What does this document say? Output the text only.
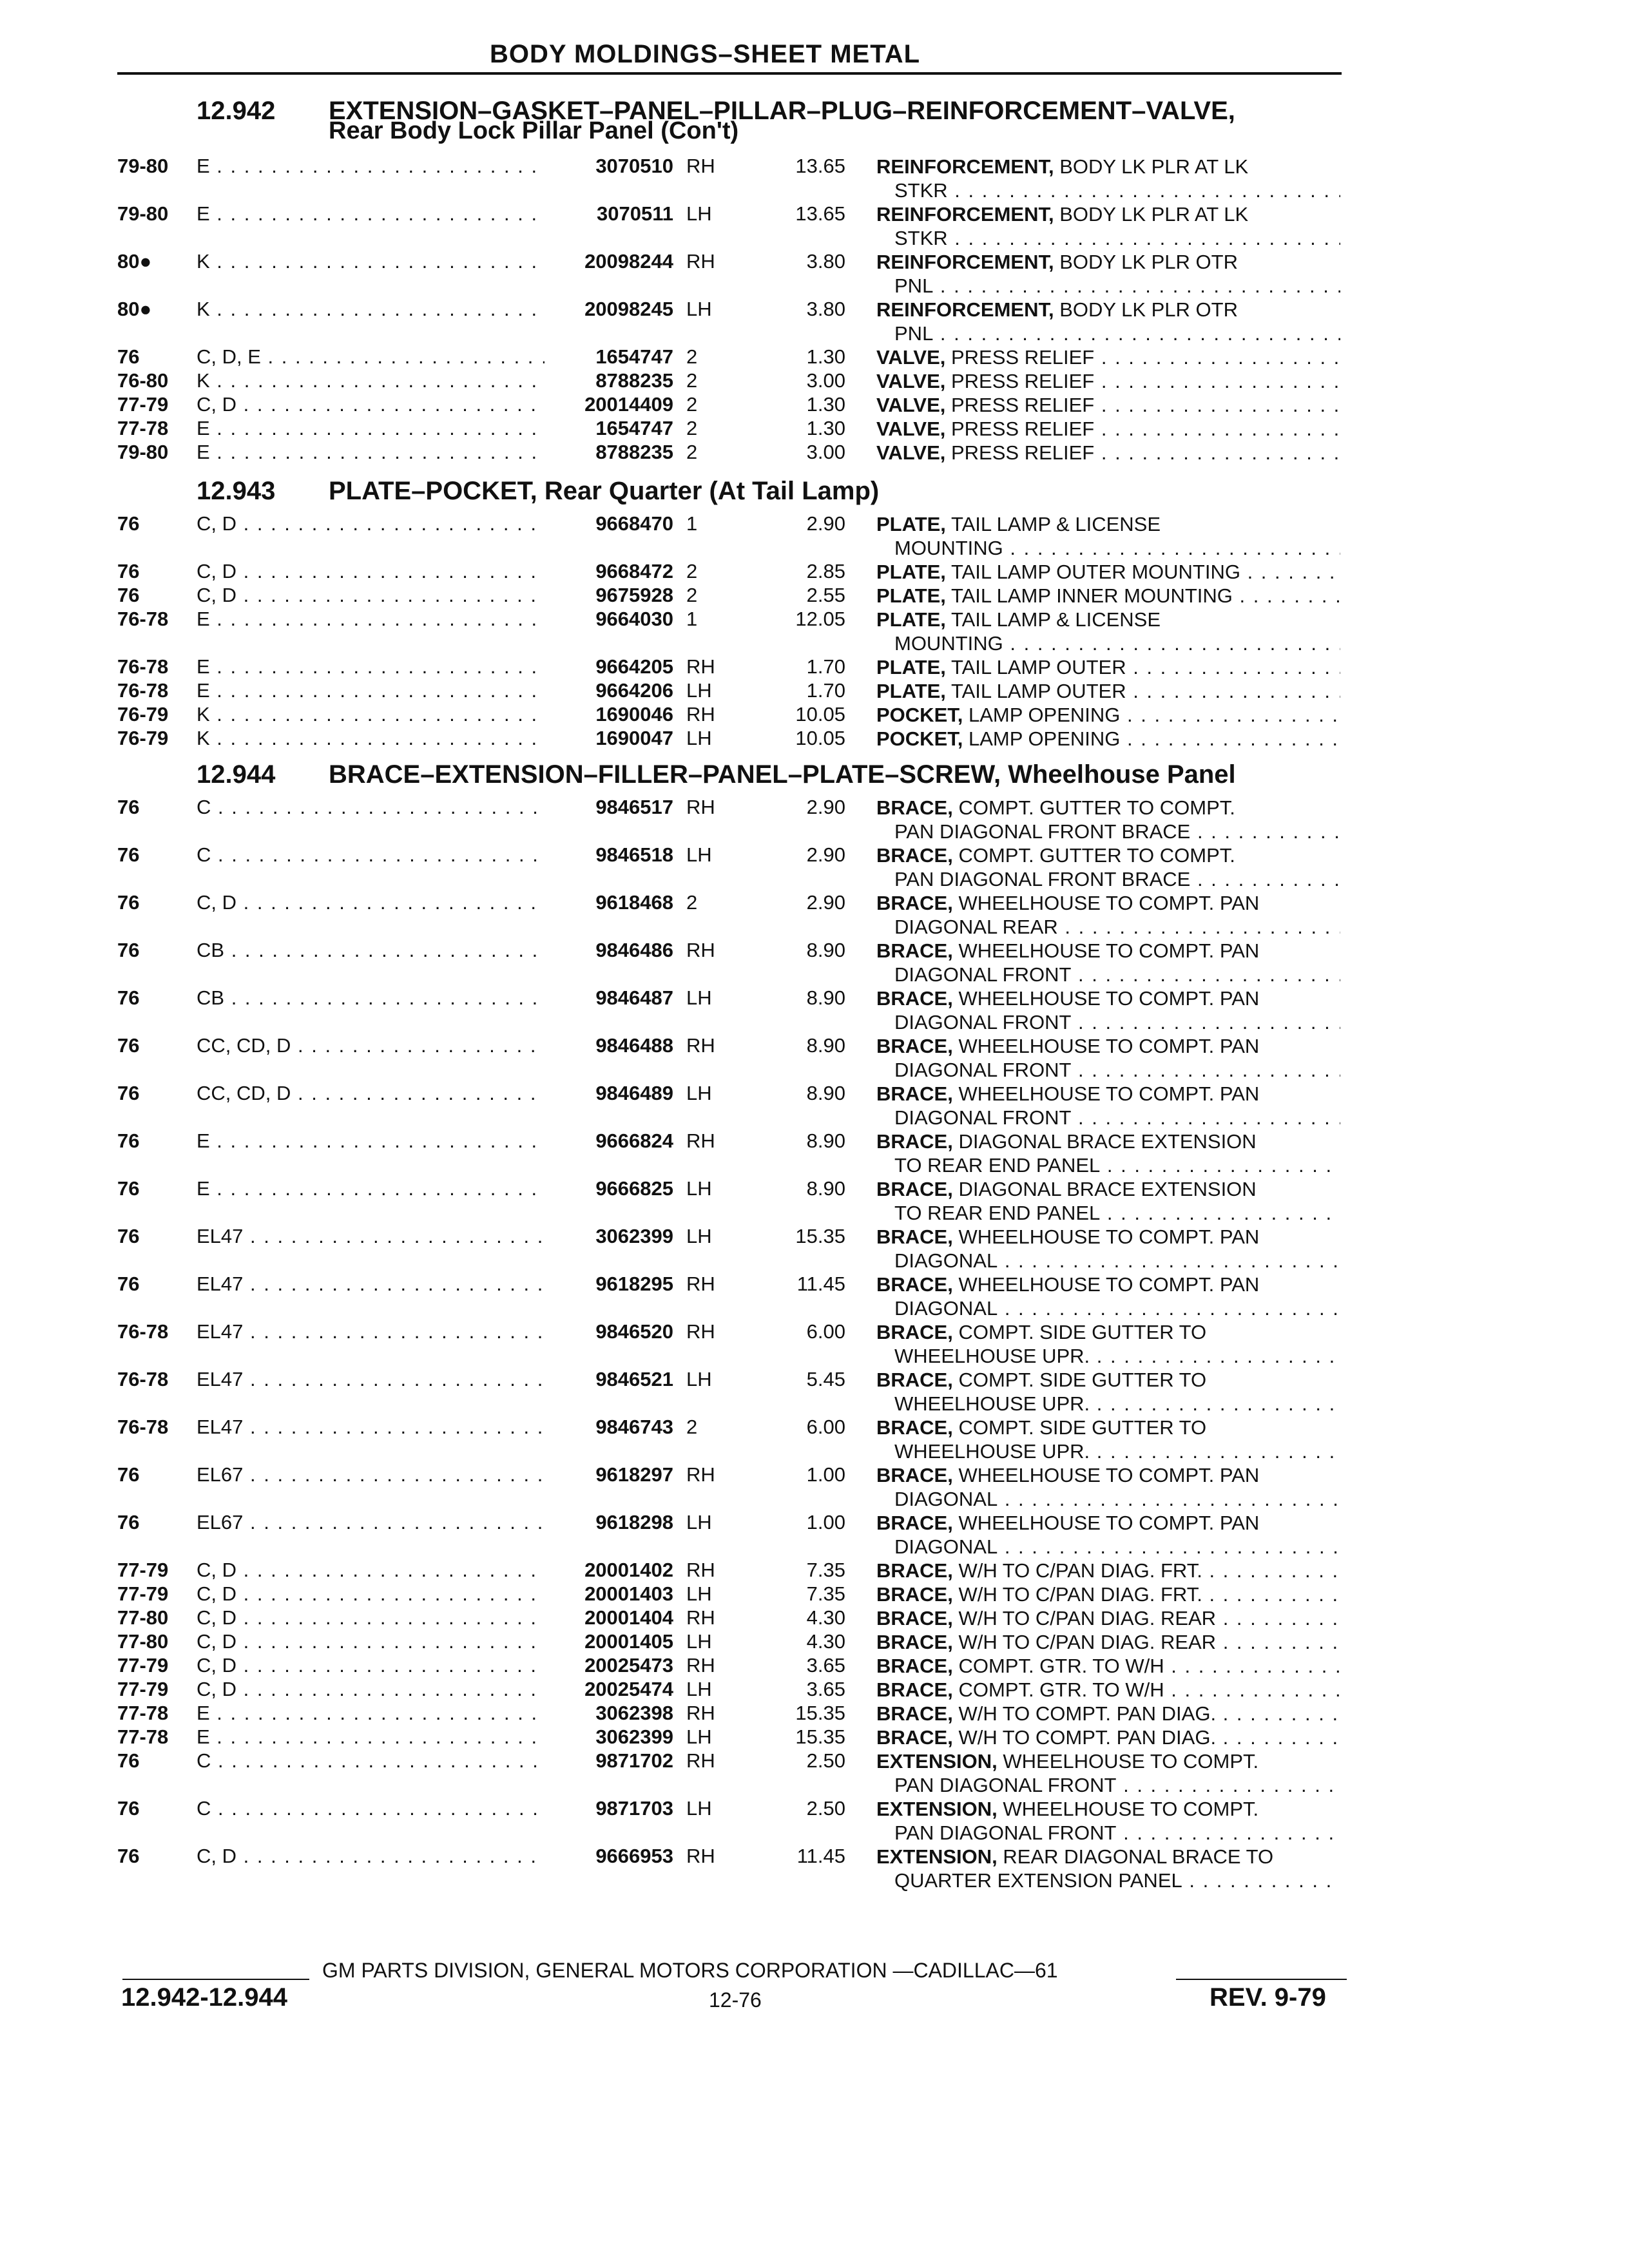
BODY MOLDINGS–SHEET METAL
12.942 EXTENSION–GASKET–PANEL–PILLAR–PLUG–REINFORCEMENT–VALVE,
Rear Body Lock Pillar Panel (Con't)
79-80 E . . .	3070510 RH	13.65 REINFORCEMENT, BODY LK PLR AT LK
STKR . . .
79-80 E . . .	3070511 LH	13.65 REINFORCEMENT, BODY LK PLR AT LK
STKR . . .
80● K . . .	20098244 RH	3.80 REINFORCEMENT, BODY LK PLR OTR
PNL . . .
80● K . . .	20098245 LH	3.80 REINFORCEMENT, BODY LK PLR OTR
PNL . . .
76	C, D, E . . .	1654747 2	1.30 VALVE, PRESS RELIEF . . .
76-80 K . . .	8788235 2	3.00 VALVE, PRESS RELIEF . . .
77-79 C, D . . .	20014409 2	1.30 VALVE, PRESS RELIEF . . .
77-78 E . . .	1654747 2	1.30 VALVE, PRESS RELIEF . . .
79-80 E . . .	8788235 2	3.00 VALVE, PRESS RELIEF . . .
12.943 PLATE–POCKET, Rear Quarter (At Tail Lamp)
76	C, D . . .	9668470 1	2.90 PLATE, TAIL LAMP & LICENSE
MOUNTING . . .
76	C, D . . .	9668472 2	2.85 PLATE, TAIL LAMP OUTER MOUNTING . . .
76	C, D . . .	9675928 2	2.55 PLATE, TAIL LAMP INNER MOUNTING . . .
76-78 E . . .	9664030 1	12.05 PLATE, TAIL LAMP & LICENSE
MOUNTING . . .
76-78 E . . .	9664205 RH	1.70 PLATE, TAIL LAMP OUTER . . .
76-78 E . . .	9664206 LH	1.70 PLATE, TAIL LAMP OUTER . . .
76-79 K . . .	1690046 RH	10.05 POCKET, LAMP OPENING . . .
76-79 K . . .	1690047 LH	10.05 POCKET, LAMP OPENING . . .
12.944 BRACE–EXTENSION–FILLER–PANEL–PLATE–SCREW, Wheelhouse Panel
76	C . . .	9846517 RH	2.90 BRACE, COMPT. GUTTER TO COMPT.
PAN DIAGONAL FRONT BRACE . . .
76	C . . .	9846518 LH	2.90 BRACE, COMPT. GUTTER TO COMPT.
PAN DIAGONAL FRONT BRACE . . .
76	C, D . . .	9618468 2	2.90 BRACE, WHEELHOUSE TO COMPT. PAN
DIAGONAL REAR . . .
76	CB . . .	9846486 RH	8.90 BRACE, WHEELHOUSE TO COMPT. PAN
DIAGONAL FRONT . . .
76	CB . . .	9846487 LH	8.90 BRACE, WHEELHOUSE TO COMPT. PAN
DIAGONAL FRONT . . .
76	CC, CD, D . . .	9846488 RH	8.90 BRACE, WHEELHOUSE TO COMPT. PAN
DIAGONAL FRONT . . .
76	CC, CD, D . . .	9846489 LH	8.90 BRACE, WHEELHOUSE TO COMPT. PAN
DIAGONAL FRONT . . .
76	E . . .	9666824 RH	8.90 BRACE, DIAGONAL BRACE EXTENSION
TO REAR END PANEL . . .
76	E . . .	9666825 LH	8.90 BRACE, DIAGONAL BRACE EXTENSION
TO REAR END PANEL . . .
76	EL47 . . .	3062399 LH	15.35 BRACE, WHEELHOUSE TO COMPT. PAN
DIAGONAL . . .
76	EL47 . . .	9618295 RH	11.45 BRACE, WHEELHOUSE TO COMPT. PAN
DIAGONAL . . .
76-78 EL47 . . .	9846520 RH	6.00 BRACE, COMPT. SIDE GUTTER TO
WHEELHOUSE UPR. . . .
76-78 EL47 . . .	9846521 LH	5.45 BRACE, COMPT. SIDE GUTTER TO
WHEELHOUSE UPR. . . .
76-78 EL47 . . .	9846743 2	6.00 BRACE, COMPT. SIDE GUTTER TO
WHEELHOUSE UPR. . . .
76	EL67 . . .	9618297 RH	1.00 BRACE, WHEELHOUSE TO COMPT. PAN
DIAGONAL . . .
76	EL67 . . .	9618298 LH	1.00 BRACE, WHEELHOUSE TO COMPT. PAN
DIAGONAL . . .
77-79 C, D . . .	20001402 RH	7.35 BRACE, W/H TO C/PAN DIAG. FRT. . . .
77-79 C, D . . .	20001403 LH	7.35 BRACE, W/H TO C/PAN DIAG. FRT. . . .
77-80 C, D . . .	20001404 RH	4.30 BRACE, W/H TO C/PAN DIAG. REAR . . .
77-80 C, D . . .	20001405 LH	4.30 BRACE, W/H TO C/PAN DIAG. REAR . . .
77-79 C, D . . .	20025473 RH	3.65 BRACE, COMPT. GTR. TO W/H . . .
77-79 C, D . . .	20025474 LH	3.65 BRACE, COMPT. GTR. TO W/H . . .
77-78 E . . .	3062398 RH	15.35 BRACE, W/H TO COMPT. PAN DIAG. . . .
77-78 E . . .	3062399 LH	15.35 BRACE, W/H TO COMPT. PAN DIAG. . . .
76	C . . .	9871702 RH	2.50 EXTENSION, WHEELHOUSE TO COMPT.
PAN DIAGONAL FRONT . . .
76	C . . .	9871703 LH	2.50 EXTENSION, WHEELHOUSE TO COMPT.
PAN DIAGONAL FRONT . . .
76	C, D . . .	9666953 RH	11.45 EXTENSION, REAR DIAGONAL BRACE TO
QUARTER EXTENSION PANEL . . .
GM PARTS DIVISION, GENERAL MOTORS CORPORATION —CADILLAC—61
12.942-12.944	12-76	REV. 9-79
